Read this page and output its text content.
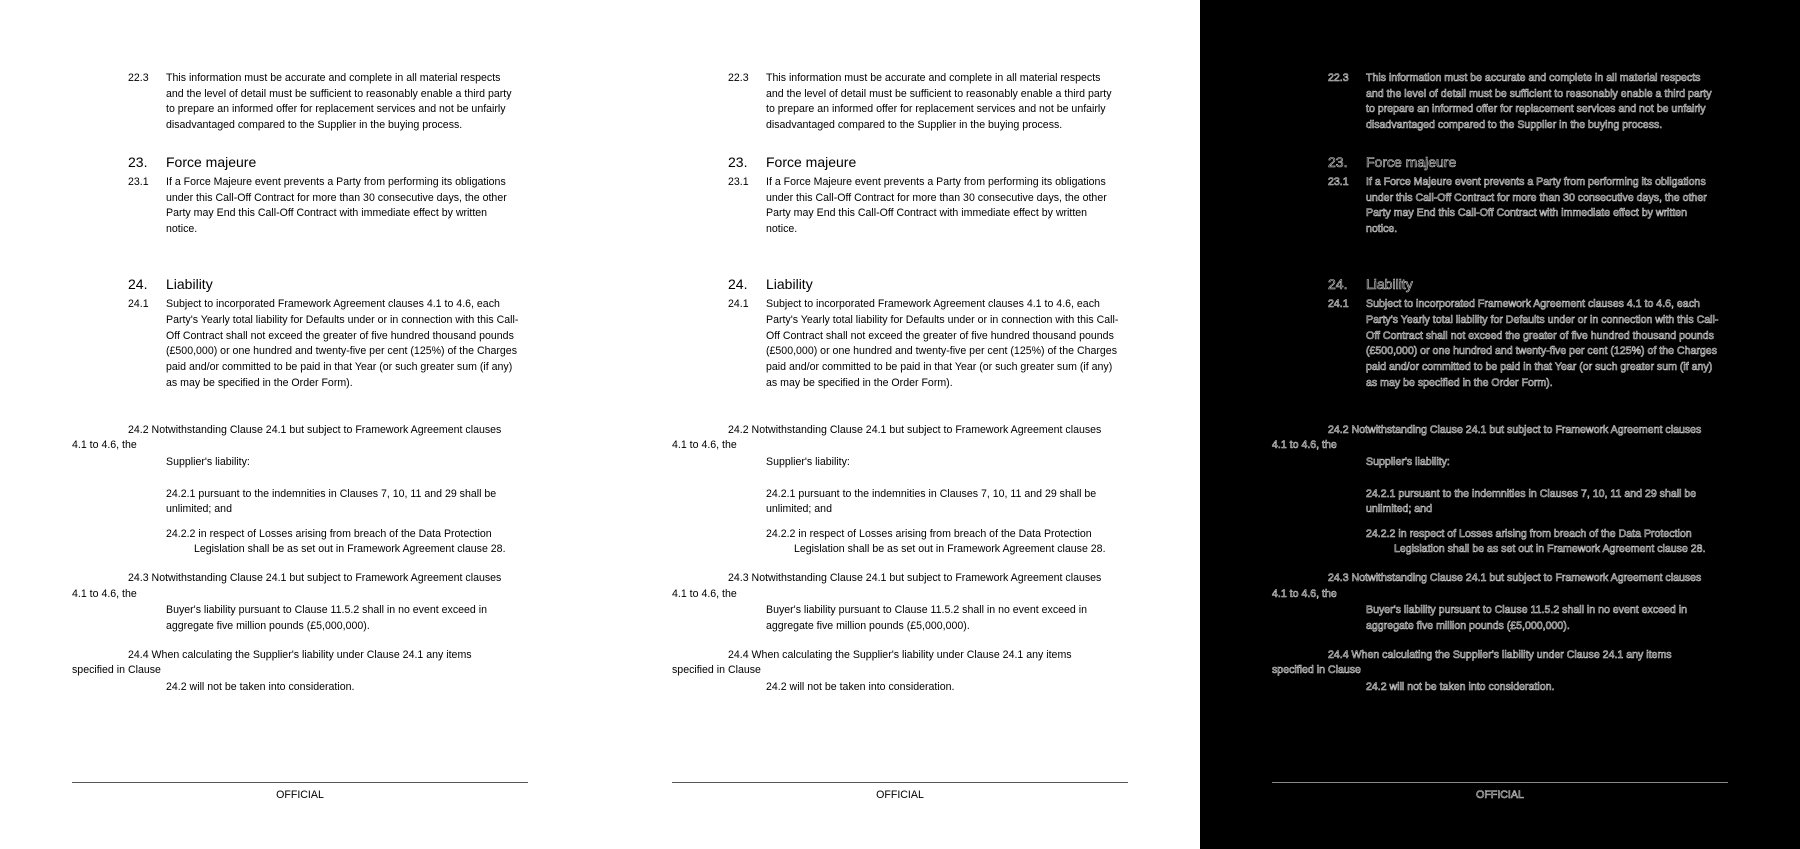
22.3 This information must be accurate and complete in all material respects
and the level of detail must be sufficient to reasonably enable a third party
to prepare an informed offer for replacement services and not be unfairly
disadvantaged compared to the Supplier in the buying process.
23. Force majeure
23.1 If a Force Majeure event prevents a Party from performing its obligations
under this Call-Off Contract for more than 30 consecutive days, the other
Party may End this Call-Off Contract with immediate effect by written
notice.
24. Liability
24.1 Subject to incorporated Framework Agreement clauses 4.1 to 4.6, each
Party's Yearly total liability for Defaults under or in connection with this Call-
Off Contract shall not exceed the greater of five hundred thousand pounds
(£500,000) or one hundred and twenty-five per cent (125%) of the Charges
paid and/or committed to be paid in that Year (or such greater sum (if any)
as may be specified in the Order Form).
24.2 Notwithstanding Clause 24.1 but subject to Framework Agreement clauses
4.1 to 4.6, the
Supplier's liability:
24.2.1 pursuant to the indemnities in Clauses 7, 10, 11 and 29 shall be
unlimited; and
24.2.2 in respect of Losses arising from breach of the Data Protection
Legislation shall be as set out in Framework Agreement clause 28.
24.3 Notwithstanding Clause 24.1 but subject to Framework Agreement clauses
4.1 to 4.6, the
Buyer's liability pursuant to Clause 11.5.2 shall in no event exceed in
aggregate five million pounds (£5,000,000).
24.4 When calculating the Supplier's liability under Clause 24.1 any items
specified in Clause
24.2 will not be taken into consideration.
OFFICIAL
22.3 This information must be accurate and complete in all material respects
and the level of detail must be sufficient to reasonably enable a third party
to prepare an informed offer for replacement services and not be unfairly
disadvantaged compared to the Supplier in the buying process.
23. Force majeure
23.1 If a Force Majeure event prevents a Party from performing its obligations
under this Call-Off Contract for more than 30 consecutive days, the other
Party may End this Call-Off Contract with immediate effect by written
notice.
24. Liability
24.1 Subject to incorporated Framework Agreement clauses 4.1 to 4.6, each
Party's Yearly total liability for Defaults under or in connection with this Call-
Off Contract shall not exceed the greater of five hundred thousand pounds
(£500,000) or one hundred and twenty-five per cent (125%) of the Charges
paid and/or committed to be paid in that Year (or such greater sum (if any)
as may be specified in the Order Form).
24.2 Notwithstanding Clause 24.1 but subject to Framework Agreement clauses
4.1 to 4.6, the
Supplier's liability:
24.2.1 pursuant to the indemnities in Clauses 7, 10, 11 and 29 shall be
unlimited; and
24.2.2 in respect of Losses arising from breach of the Data Protection
Legislation shall be as set out in Framework Agreement clause 28.
24.3 Notwithstanding Clause 24.1 but subject to Framework Agreement clauses
4.1 to 4.6, the
Buyer's liability pursuant to Clause 11.5.2 shall in no event exceed in
aggregate five million pounds (£5,000,000).
24.4 When calculating the Supplier's liability under Clause 24.1 any items
specified in Clause
24.2 will not be taken into consideration.
OFFICIAL
22.3 This information must be accurate and complete in all material respects
and the level of detail must be sufficient to reasonably enable a third party
to prepare an informed offer for replacement services and not be unfairly
disadvantaged compared to the Supplier in the buying process.
23. Force majeure
23.1 If a Force Majeure event prevents a Party from performing its obligations
under this Call-Off Contract for more than 30 consecutive days, the other
Party may End this Call-Off Contract with immediate effect by written
notice.
24. Liability
24.1 Subject to incorporated Framework Agreement clauses 4.1 to 4.6, each
Party's Yearly total liability for Defaults under or in connection with this Call-
Off Contract shall not exceed the greater of five hundred thousand pounds
(£500,000) or one hundred and twenty-five per cent (125%) of the Charges
paid and/or committed to be paid in that Year (or such greater sum (if any)
as may be specified in the Order Form).
24.2 Notwithstanding Clause 24.1 but subject to Framework Agreement clauses
4.1 to 4.6, the
Supplier's liability:
24.2.1 pursuant to the indemnities in Clauses 7, 10, 11 and 29 shall be
unlimited; and
24.2.2 in respect of Losses arising from breach of the Data Protection
Legislation shall be as set out in Framework Agreement clause 28.
24.3 Notwithstanding Clause 24.1 but subject to Framework Agreement clauses
4.1 to 4.6, the
Buyer's liability pursuant to Clause 11.5.2 shall in no event exceed in
aggregate five million pounds (£5,000,000).
24.4 When calculating the Supplier's liability under Clause 24.1 any items
specified in Clause
24.2 will not be taken into consideration.
OFFICIAL
